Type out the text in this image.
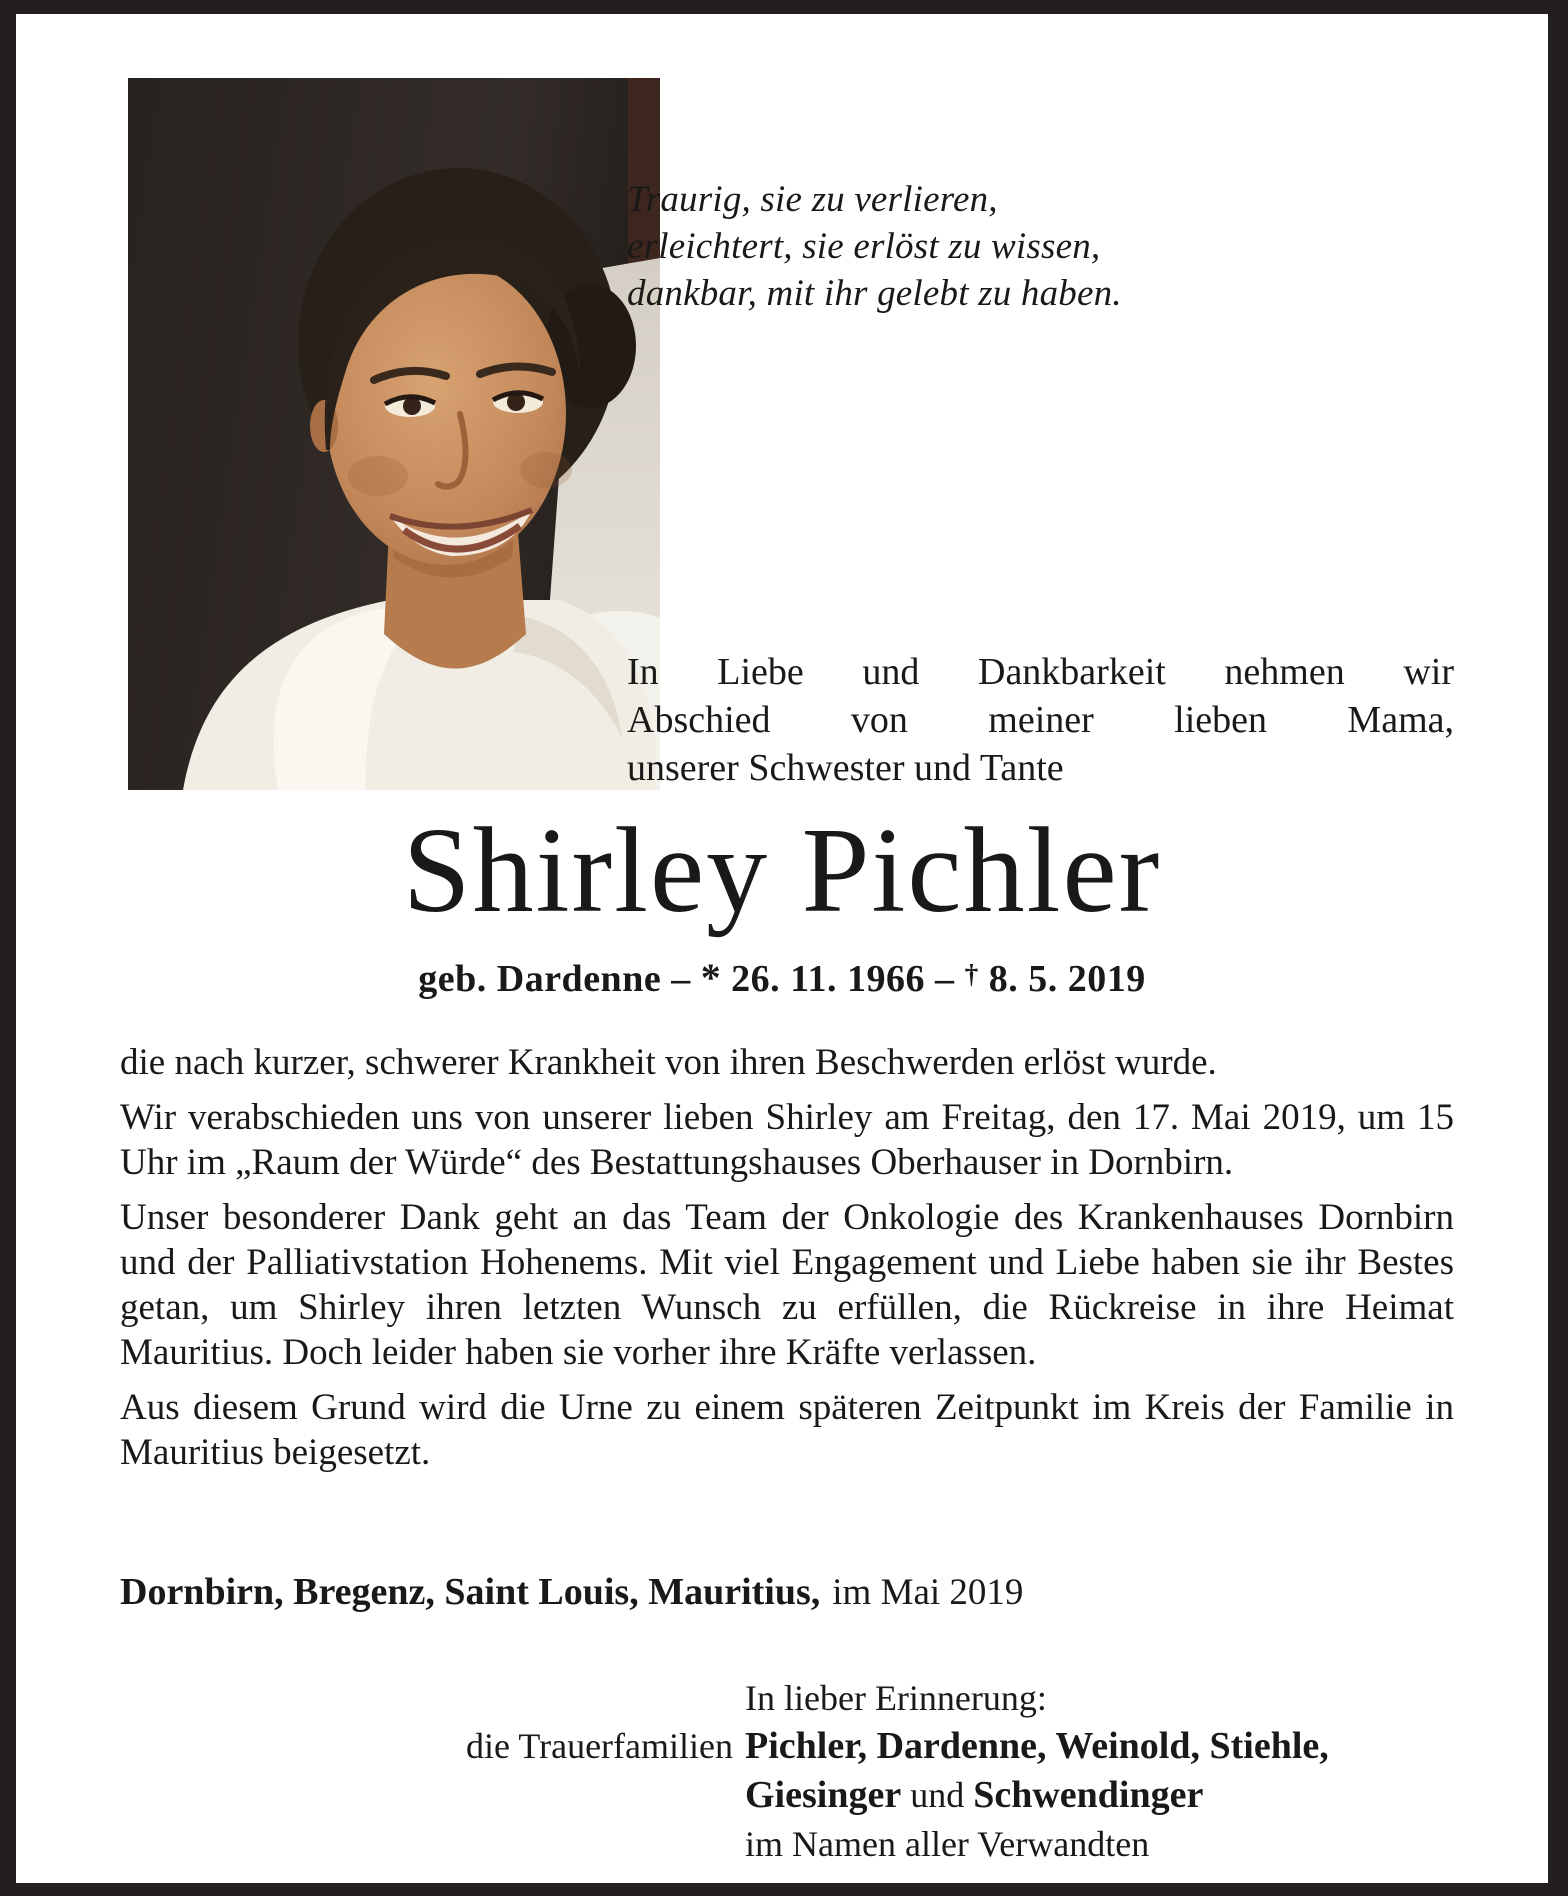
Traurig, sie zu verlieren,
erleichtert, sie erlöst zu wissen,
dankbar, mit ihr gelebt zu haben.
In Liebe und Dankbarkeit nehmen wir
Abschied von meiner lieben Mama,
unserer Schwester und Tante
Shirley Pichler
geb. Dardenne – * 26. 11. 1966 – † 8. 5. 2019

die nach kurzer, schwerer Krankheit von ihren Beschwerden erlöst wurde.

Wir verabschieden uns von unserer lieben Shirley am Freitag, den 17. Mai 2019, um 15 Uhr im „Raum der Würde“ des Bestattungshauses Oberhauser in Dornbirn.

Unser besonderer Dank geht an das Team der Onkologie des Krankenhauses Dornbirn und der Palliativstation Hohenems. Mit viel Engagement und Liebe haben sie ihr Bestes getan, um Shirley ihren letzten Wunsch zu erfüllen, die Rückreise in ihre Heimat Mauritius. Doch leider haben sie vorher ihre Kräfte verlassen.

Aus diesem Grund wird die Urne zu einem späteren Zeitpunkt im Kreis der Familie in Mauritius beigesetzt.

Dornbirn, Bregenz, Saint Louis, Mauritius, im Mai 2019
die Trauerfamilien
In lieber Erinnerung:
Pichler, Dardenne, Weinold, Stiehle,
Giesinger und Schwendinger
im Namen aller Verwandten
